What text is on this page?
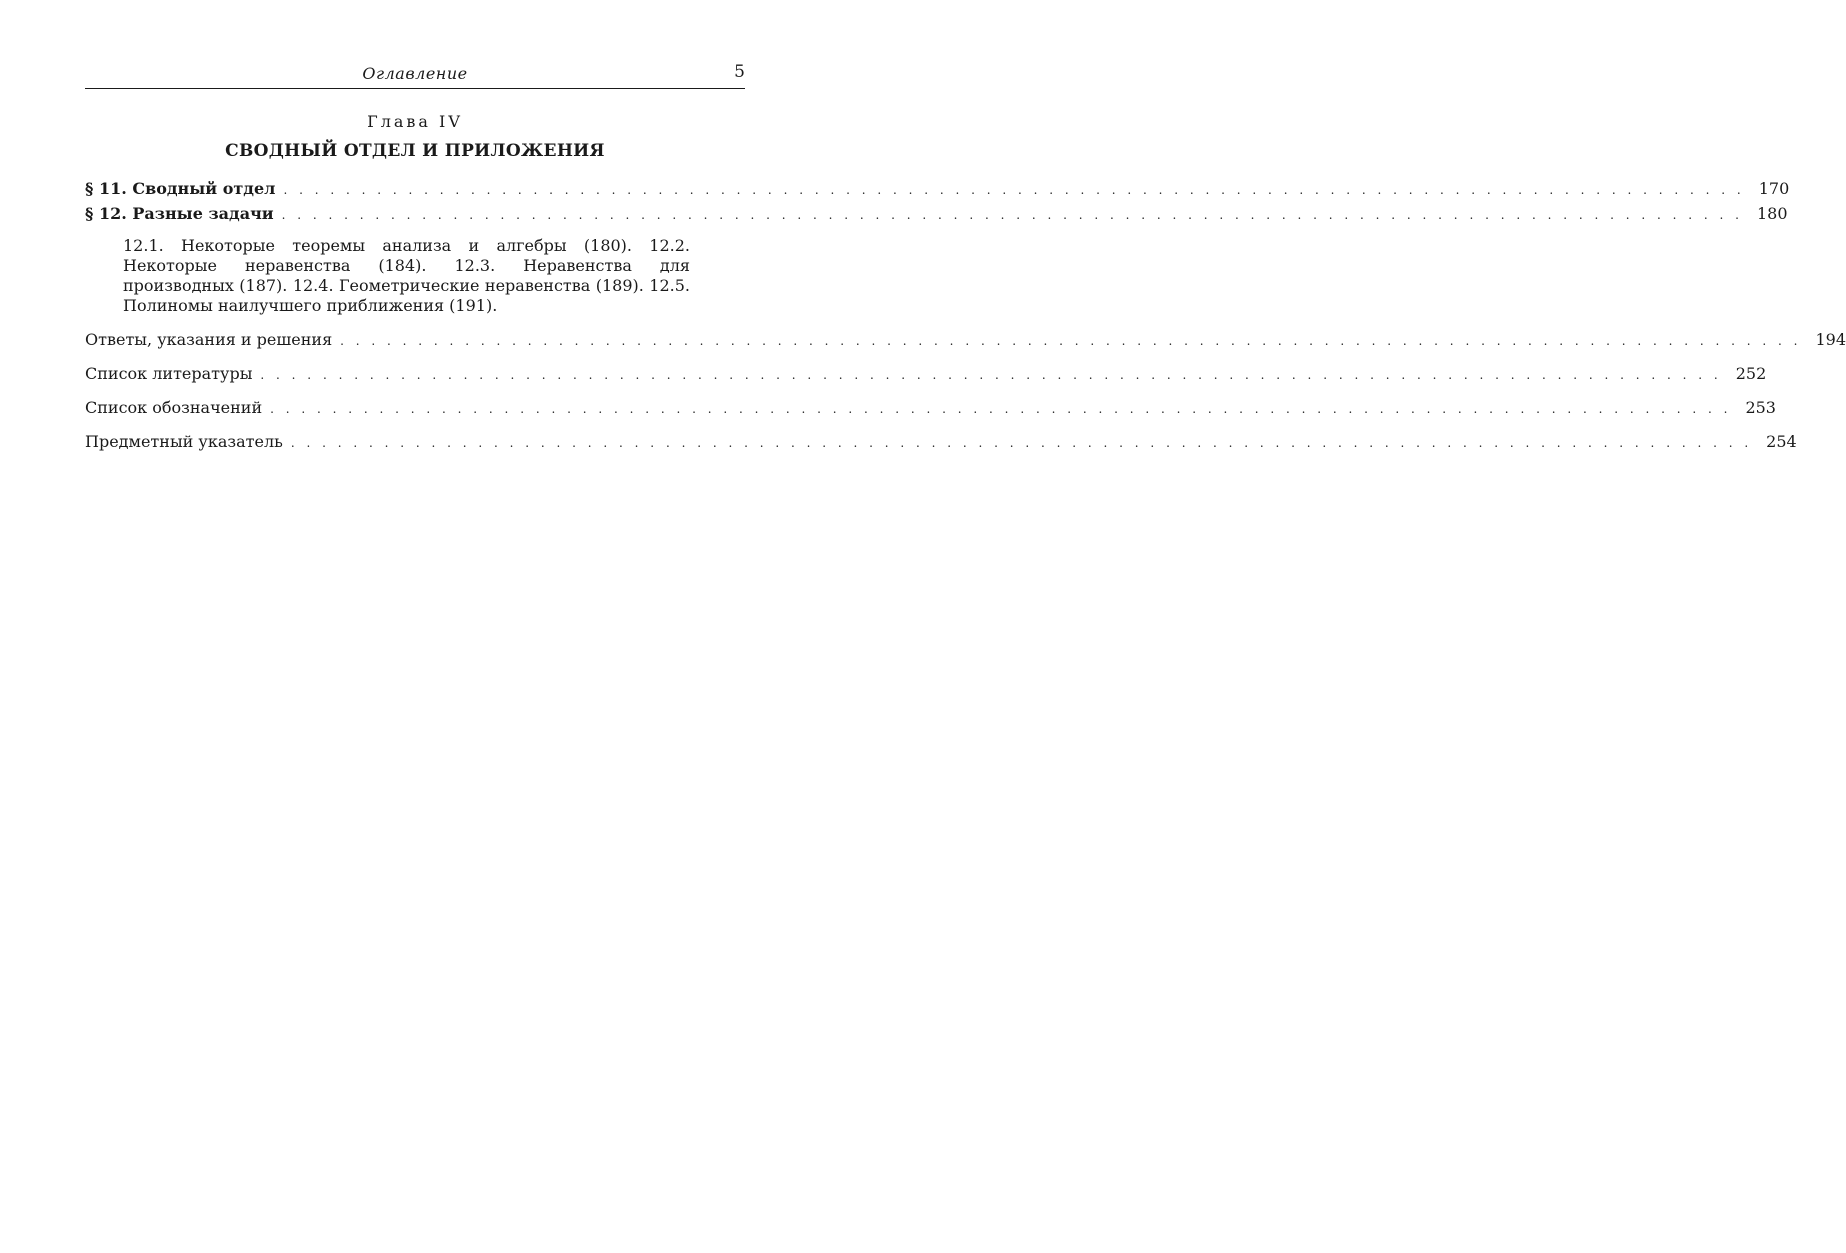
Оглавление	5
Глава IV
СВОДНЫЙ ОТДЕЛ И ПРИЛОЖЕНИЯ
§ 11. Сводный отдел . . . . . . . . . . . . . . . . . . . . . . . . . . . . . . . . . . . . . . . . . . . . . . . . . . . . . . . . . . . . . . . . . . . . . . . . . . . . . . . . . . . . . . . . . . . . . . 170
§ 12. Разные задачи . . . . . . . . . . . . . . . . . . . . . . . . . . . . . . . . . . . . . . . . . . . . . . . . . . . . . . . . . . . . . . . . . . . . . . . . . . . . . . . . . . . . . . . . . . . . . . 180
12.1. Некоторые теоремы анализа и алгебры (180). 12.2. Некоторые неравенства (184). 12.3. Неравенства для производных (187). 12.4. Геометрические неравенства (189). 12.5. Полиномы наилучшего приближения (191).
Ответы, указания и решения . . . . . . . . . . . . . . . . . . . . . . . . . . . . . . . . . . . . . . . . . . . . . . . . . . . . . . . . . . . . . . . . . . . . . . . . . . . . . . . . . . . . . . . . . . . . . . 194
Список литературы . . . . . . . . . . . . . . . . . . . . . . . . . . . . . . . . . . . . . . . . . . . . . . . . . . . . . . . . . . . . . . . . . . . . . . . . . . . . . . . . . . . . . . . . . . . . . . 252
Список обозначений . . . . . . . . . . . . . . . . . . . . . . . . . . . . . . . . . . . . . . . . . . . . . . . . . . . . . . . . . . . . . . . . . . . . . . . . . . . . . . . . . . . . . . . . . . . . . . 253
Предметный указатель . . . . . . . . . . . . . . . . . . . . . . . . . . . . . . . . . . . . . . . . . . . . . . . . . . . . . . . . . . . . . . . . . . . . . . . . . . . . . . . . . . . . . . . . . . . . . . 254
